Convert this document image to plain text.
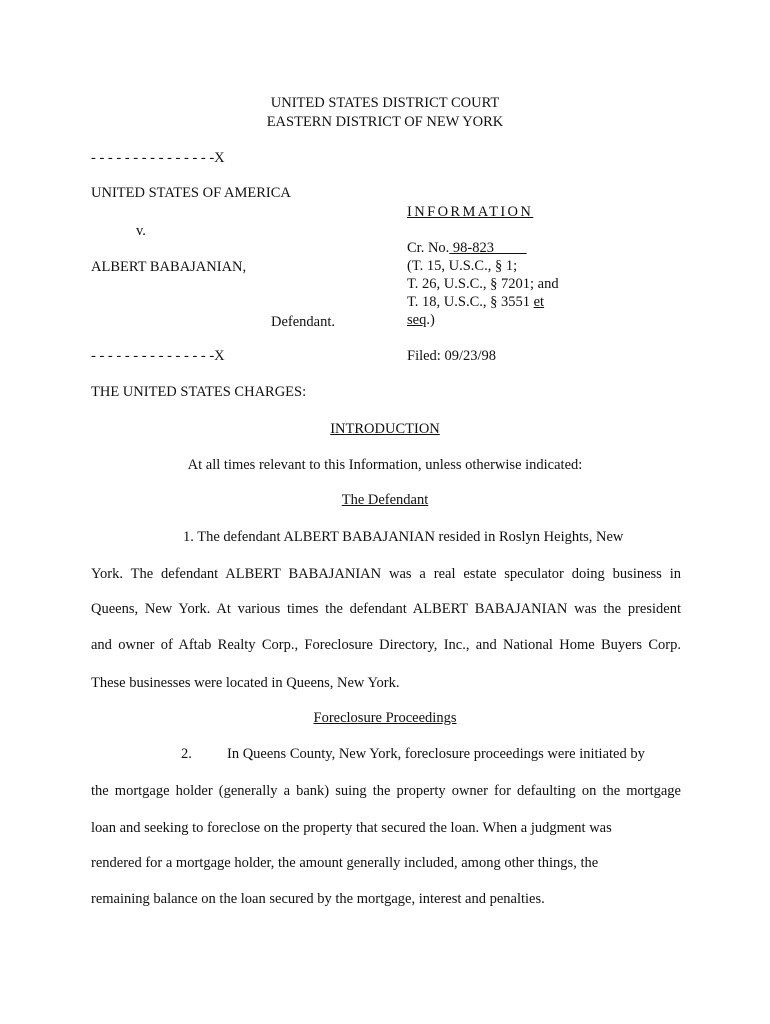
UNITED STATES DISTRICT COURT
EASTERN DISTRICT OF NEW YORK
- - - - - - - - - - - - - - -X
UNITED STATES OF AMERICA
v.
ALBERT BABAJANIAN,
Defendant.
- - - - - - - - - - - - - - -X
INFORMATION
Cr. No. 98-823
(T. 15, U.S.C., § 1;
T. 26, U.S.C., § 7201; and
T. 18, U.S.C., § 3551 et
seq.)
Filed: 09/23/98
THE UNITED STATES CHARGES:
INTRODUCTION
At all times relevant to this Information, unless otherwise indicated:
The Defendant
1. The defendant ALBERT BABAJANIAN resided in Roslyn Heights, New
York. The defendant ALBERT BABAJANIAN was a real estate speculator doing business in
Queens, New York. At various times the defendant ALBERT BABAJANIAN was the president
and owner of Aftab Realty Corp., Foreclosure Directory, Inc., and National Home Buyers Corp.
These businesses were located in Queens, New York.
Foreclosure Proceedings
2. In Queens County, New York, foreclosure proceedings were initiated by
the mortgage holder (generally a bank) suing the property owner for defaulting on the mortgage
loan and seeking to foreclose on the property that secured the loan. When a judgment was
rendered for a mortgage holder, the amount generally included, among other things, the
remaining balance on the loan secured by the mortgage, interest and penalties.
